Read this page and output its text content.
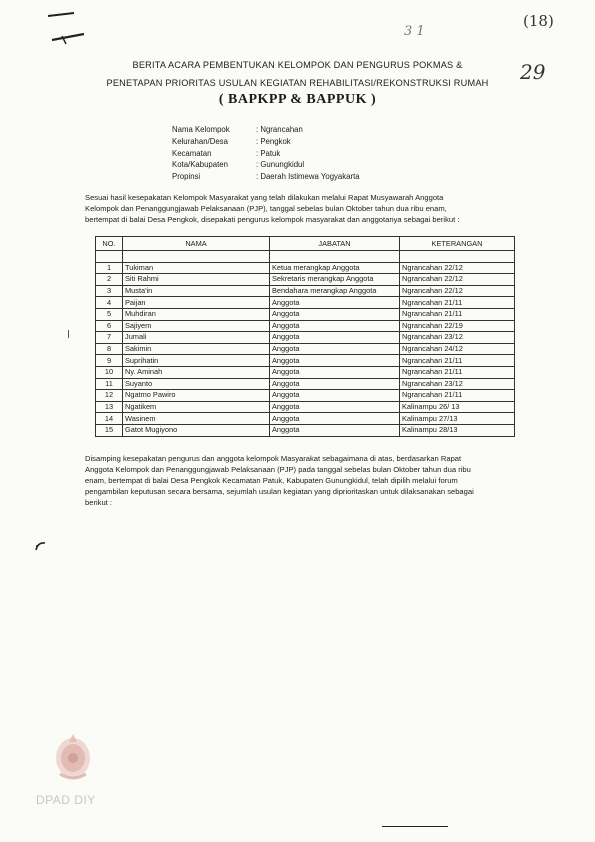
3 1
(18)
29
BERITA ACARA PEMBENTUKAN KELOMPOK DAN PENGURUS POKMAS &
PENETAPAN PRIORITAS USULAN KEGIATAN REHABILITASI/REKONSTRUKSI RUMAH
( BAPKPP & BAPPUK )
Nama Kelompok	: Ngrancahan
Kelurahan/Desa	: Pengkok
Kecamatan	: Patuk
Kota/Kabupaten	: Gunungkidul
Propinsi	: Daerah Istimewa Yogyakarta
Sesuai hasil kesepakatan Kelompok Masyarakat yang telah dilakukan melalui Rapat Musyawarah Anggota
Kelompok dan Penanggungjawab Pelaksanaan (PJP), tanggal sebelas bulan Oktober tahun dua ribu enam,
bertempat di balai Desa Pengkok, disepakati pengurus kelompok masyarakat dan anggotanya sebagai berikut :
NO.	NAMA	JABATAN	KETERANGAN

1	Tukiman	Ketua merangkap Anggota	Ngrancahan 22/12
2	Siti Rahmi	Sekretaris merangkap Anggota	Ngrancahan 22/12
3	Musta'in	Bendahara merangkap Anggota	Ngrancahan 22/12
4	Paijan	Anggota	Ngrancahan 21/11
5	Muhdiran	Anggota	Ngrancahan 21/11
6	Sajiyem	Anggota	Ngrancahan 22/19
7	Jumali	Anggota	Ngrancahan 23/12
8	Sakimin	Anggota	Ngrancahan 24/12
9	Suprihatin	Anggota	Ngrancahan 21/11
10	Ny. Aminah	Anggota	Ngrancahan 21/11
11	Suyanto	Anggota	Ngrancahan 23/12
12	Ngatmo Pawiro	Anggota	Ngrancahan 21/11
13	Ngatikem	Anggota	Kalinampu 26/ 13
14	Wasinem	Anggota	Kalinampu 27/13
15	Gatot Mugiyono	Anggota	Kalinampu 28/13
Disamping kesepakatan pengurus dan anggota kelompok Masyarakat sebagaimana di atas, berdasarkan Rapat
Anggota Kelompok dan Penanggungjawab Pelaksanaan (PJP) pada tanggal sebelas bulan Oktober tahun dua ribu
enam, bertempat di balai Desa Pengkok Kecamatan Patuk, Kabupaten Gunungkidul, telah dipilih melalui forum
pengambilan keputusan secara bersama, sejumlah usulan kegiatan yang diprioritaskan untuk dilaksanakan sebagai
berikut :
DPAD DIY
